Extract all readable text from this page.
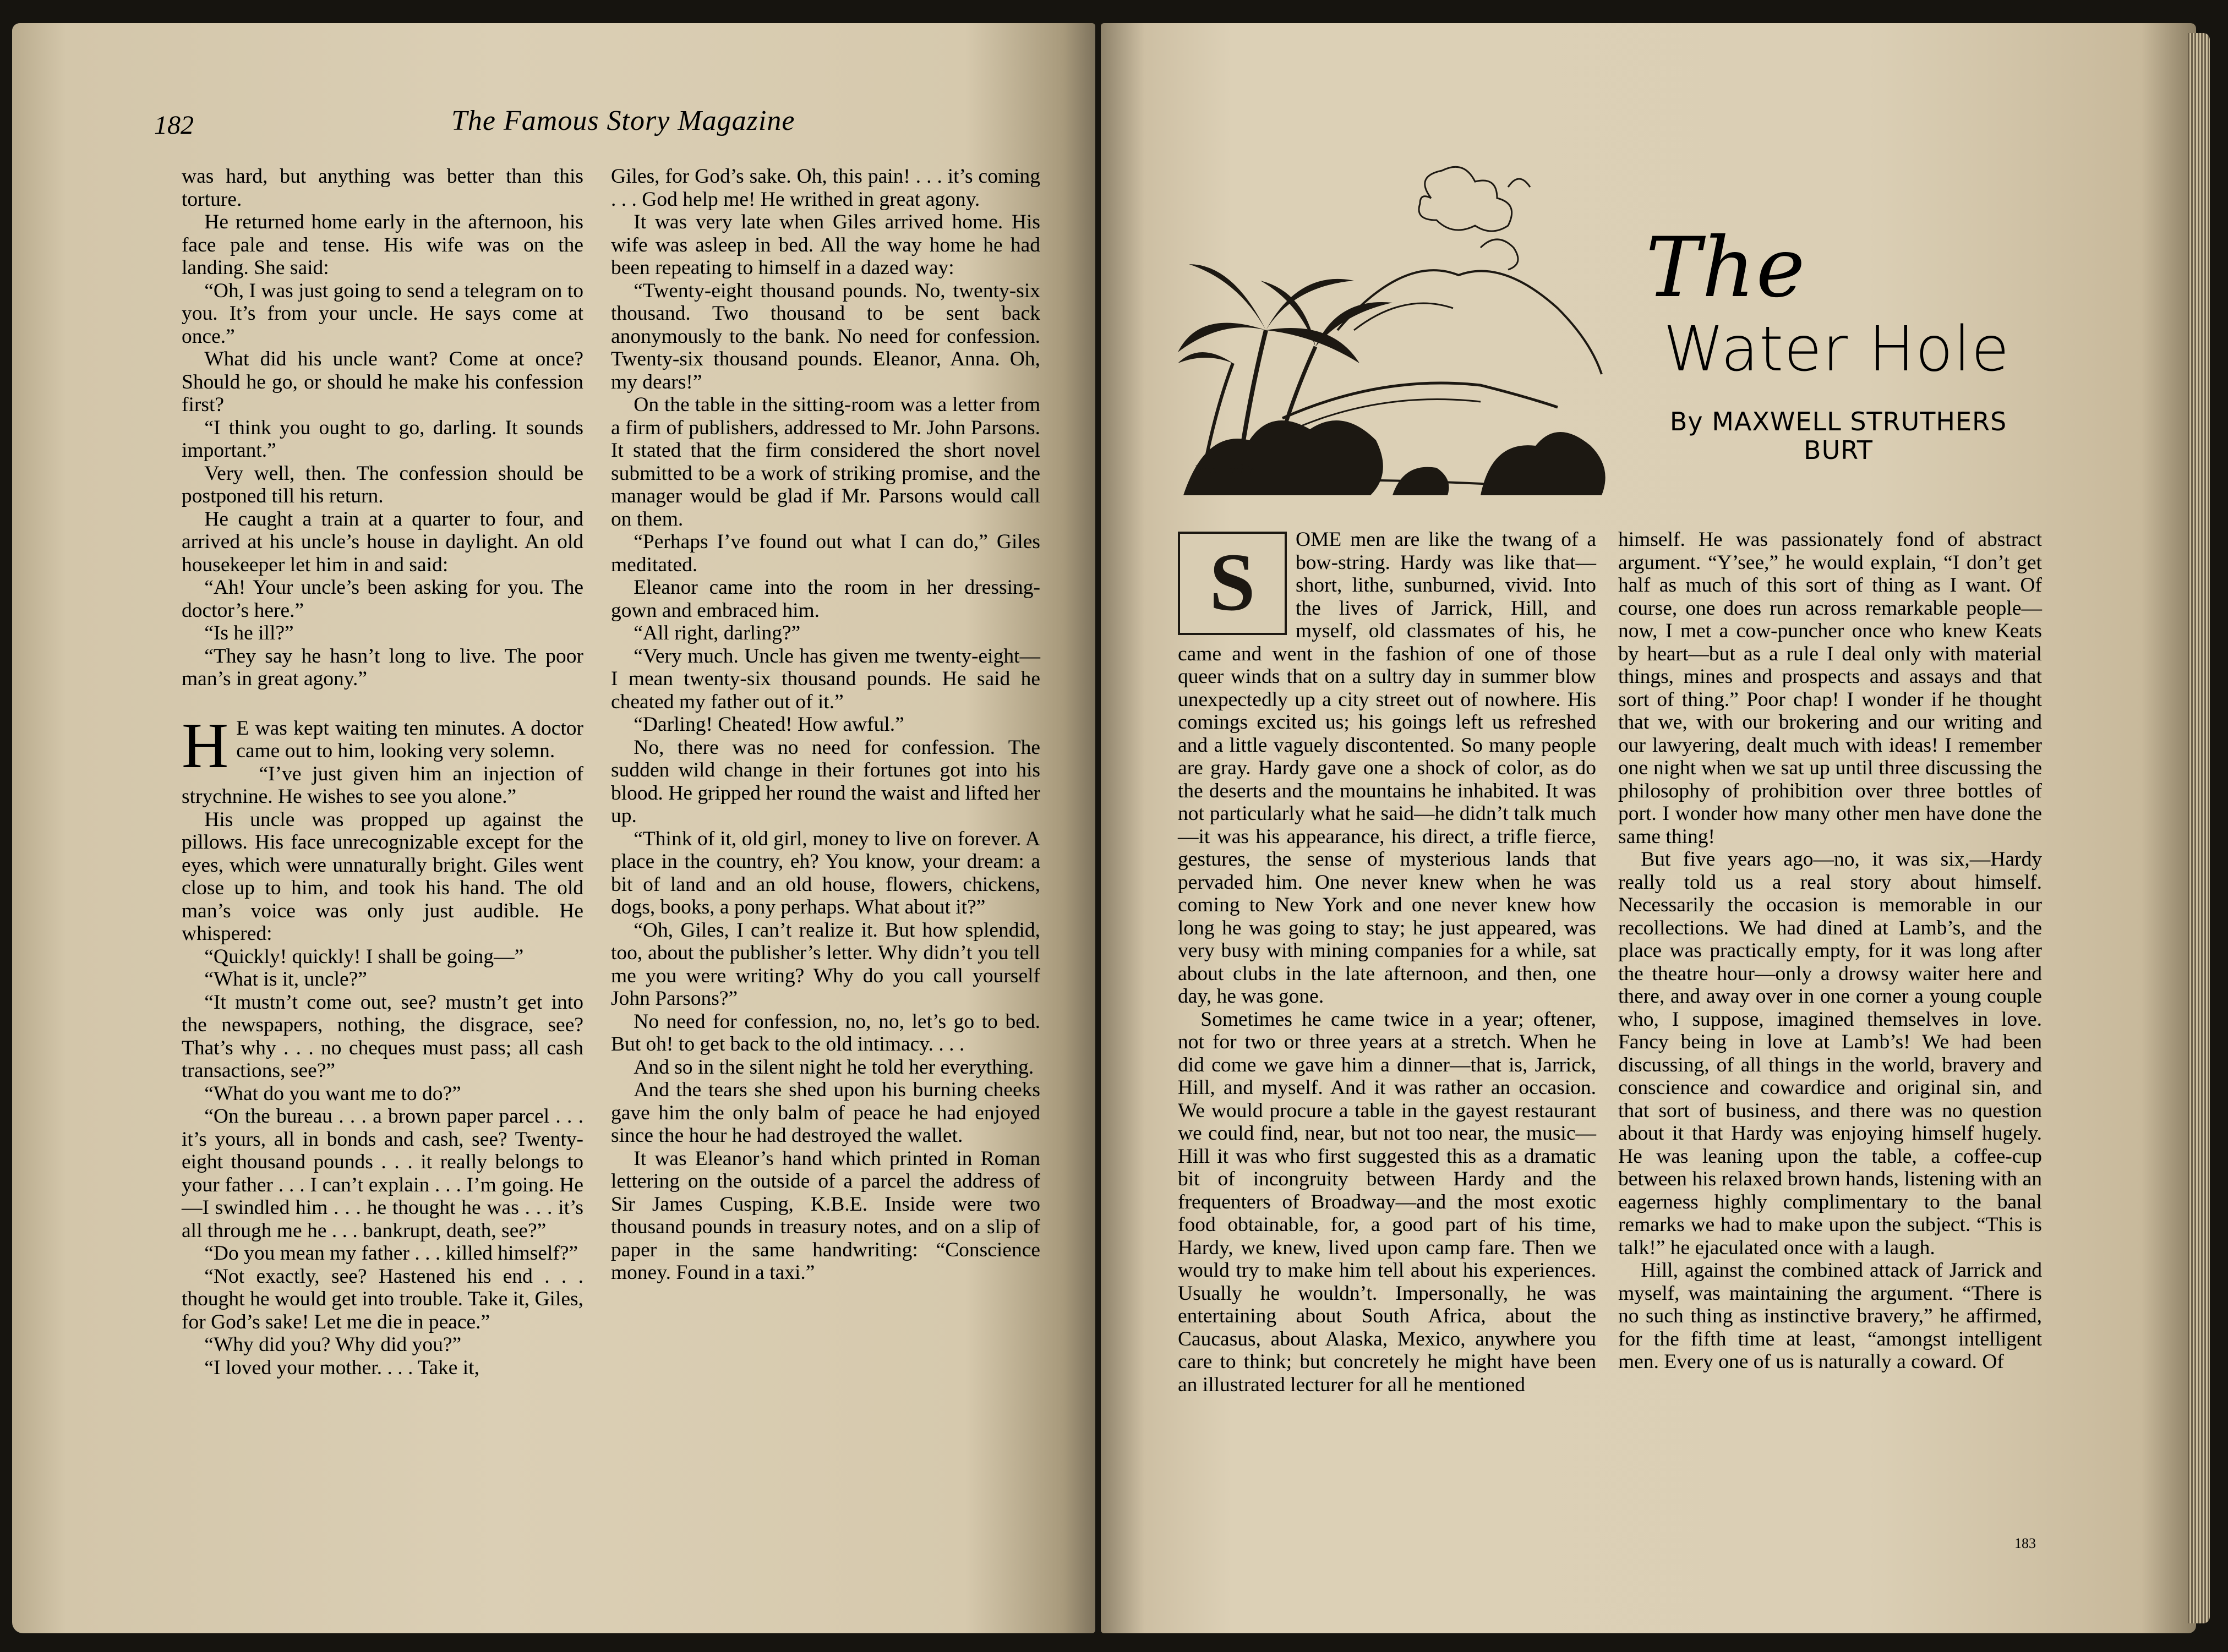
182	The Famous Story Magazine

was hard, but anything was better than this torture.

He returned home early in the afternoon, his face pale and tense. His wife was on the landing. She said:

“Oh, I was just going to send a telegram on to you. It’s from your uncle. He says come at once.”

What did his uncle want? Come at once? Should he go, or should he make his confession first?

“I think you ought to go, darling. It sounds important.”

Very well, then. The confession should be postponed till his return.

He caught a train at a quarter to four, and arrived at his uncle’s house in daylight. An old housekeeper let him in and said:

“Ah! Your uncle’s been asking for you. The doctor’s here.”

“Is he ill?”

“They say he hasn’t long to live. The poor man’s in great agony.”

H E was kept waiting ten minutes. A doctor came out to him, looking very solemn.

“I’ve just given him an injection of strychnine. He wishes to see you alone.”

His uncle was propped up against the pillows. His face unrecognizable except for the eyes, which were unnaturally bright. Giles went close up to him, and took his hand. The old man’s voice was only just audible. He whispered:

“Quickly! quickly! I shall be going—”

“What is it, uncle?”

“It mustn’t come out, see? mustn’t get into the newspapers, nothing, the disgrace, see? That’s why . . . no cheques must pass; all cash transactions, see?”

“What do you want me to do?”

“On the bureau . . . a brown paper parcel . . . it’s yours, all in bonds and cash, see? Twenty-eight thousand pounds . . . it really belongs to your father . . . I can’t explain . . . I’m going. He—I swindled him . . . he thought he was . . . it’s all through me he . . . bankrupt, death, see?”

“Do you mean my father . . . killed himself?”

“Not exactly, see? Hastened his end . . . thought he would get into trouble. Take it, Giles, for God’s sake! Let me die in peace.”

“Why did you? Why did you?”

“I loved your mother. . . . Take it,

Giles, for God’s sake. Oh, this pain! . . . it’s coming . . . God help me! He writhed in great agony.

It was very late when Giles arrived home. His wife was asleep in bed. All the way home he had been repeating to himself in a dazed way:

“Twenty-eight thousand pounds. No, twenty-six thousand. Two thousand to be sent back anonymously to the bank. No need for confession. Twenty-six thousand pounds. Eleanor, Anna. Oh, my dears!”

On the table in the sitting-room was a letter from a firm of publishers, addressed to Mr. John Parsons. It stated that the firm considered the short novel submitted to be a work of striking promise, and the manager would be glad if Mr. Parsons would call on them.

“Perhaps I’ve found out what I can do,” Giles meditated.

Eleanor came into the room in her dressing-gown and embraced him.

“All right, darling?”

“Very much. Uncle has given me twenty-eight—I mean twenty-six thousand pounds. He said he cheated my father out of it.”

“Darling! Cheated! How awful.”

No, there was no need for confession. The sudden wild change in their fortunes got into his blood. He gripped her round the waist and lifted her up.

“Think of it, old girl, money to live on forever. A place in the country, eh? You know, your dream: a bit of land and an old house, flowers, chickens, dogs, books, a pony perhaps. What about it?”

“Oh, Giles, I can’t realize it. But how splendid, too, about the publisher’s letter. Why didn’t you tell me you were writing? Why do you call yourself John Parsons?”

No need for confession, no, no, let’s go to bed. But oh! to get back to the old intimacy. . . .

And so in the silent night he told her everything.

And the tears she shed upon his burning cheeks gave him the only balm of peace he had enjoyed since the hour he had destroyed the wallet.

It was Eleanor’s hand which printed in Roman lettering on the outside of a parcel the address of Sir James Cusping, K.B.E. Inside were two thousand pounds in treasury notes, and on a slip of paper in the same handwriting: “Conscience money. Found in a taxi.”

Irma Corbin
The
Water Hole
By MAXWELL STRUTHERS
BURT

S	OME men are like the twang of a bow-string. Hardy was like that—short, lithe, sunburned, vivid. Into the lives of Jarrick, Hill, and myself, old classmates of his, he came and went in the fashion of one of those queer winds that on a sultry day in summer blow unexpectedly up a city street out of nowhere. His comings excited us; his goings left us refreshed and a little vaguely discontented. So many people are gray. Hardy gave one a shock of color, as do the deserts and the mountains he inhabited. It was not particularly what he said—he didn’t talk much—it was his appearance, his direct, a trifle fierce, gestures, the sense of mysterious lands that pervaded him. One never knew when he was coming to New York and one never knew how long he was going to stay; he just appeared, was very busy with mining companies for a while, sat about clubs in the late afternoon, and then, one day, he was gone.

Sometimes he came twice in a year; oftener, not for two or three years at a stretch. When he did come we gave him a dinner—that is, Jarrick, Hill, and myself. And it was rather an occasion. We would procure a table in the gayest restaurant we could find, near, but not too near, the music—Hill it was who first suggested this as a dramatic bit of incongruity between Hardy and the frequenters of Broadway—and the most exotic food obtainable, for, a good part of his time, Hardy, we knew, lived upon camp fare. Then we would try to make him tell about his experiences. Usually he wouldn’t. Impersonally, he was entertaining about South Africa, about the Caucasus, about Alaska, Mexico, anywhere you care to think; but concretely he might have been an illustrated lecturer for all he mentioned

himself. He was passionately fond of abstract argument. “Y’see,” he would explain, “I don’t get half as much of this sort of thing as I want. Of course, one does run across remarkable people—now, I met a cow-puncher once who knew Keats by heart—but as a rule I deal only with material things, mines and prospects and assays and that sort of thing.” Poor chap! I wonder if he thought that we, with our brokering and our writing and our lawyering, dealt much with ideas! I remember one night when we sat up until three discussing the philosophy of prohibition over three bottles of port. I wonder how many other men have done the same thing!

But five years ago—no, it was six,—Hardy really told us a real story about himself. Necessarily the occasion is memorable in our recollections. We had dined at Lamb’s, and the place was practically empty, for it was long after the theatre hour—only a drowsy waiter here and there, and away over in one corner a young couple who, I suppose, imagined themselves in love. Fancy being in love at Lamb’s! We had been discussing, of all things in the world, bravery and conscience and cowardice and original sin, and that sort of business, and there was no question about it that Hardy was enjoying himself hugely. He was leaning upon the table, a coffee-cup between his relaxed brown hands, listening with an eagerness highly complimentary to the banal remarks we had to make upon the subject. “This is talk!” he ejaculated once with a laugh.

Hill, against the combined attack of Jarrick and myself, was maintaining the argument. “There is no such thing as instinctive bravery,” he affirmed, for the fifth time at least, “amongst intelligent men. Every one of us is naturally a coward. Of

183
